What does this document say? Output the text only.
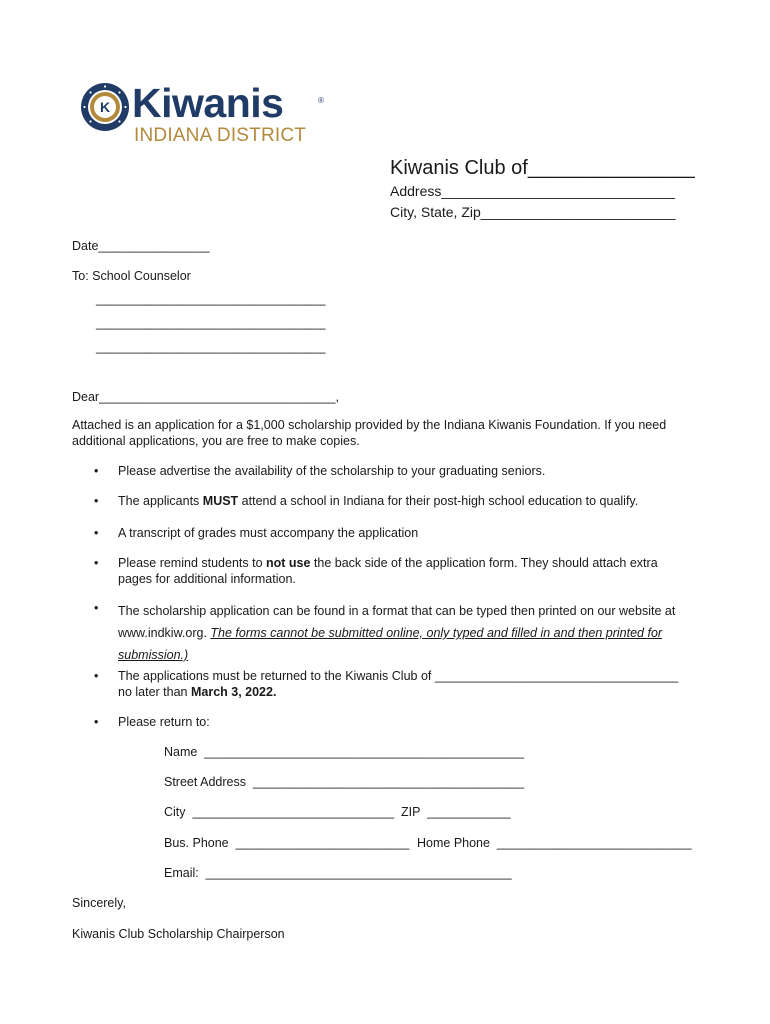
K Kiwanis	®
INDIANA DISTRICT
Kiwanis Club of_______________
Address______________________________
City, State, Zip_________________________
Date________________
To: School Counselor
_________________________________
_________________________________
_________________________________
Dear__________________________________,
Attached is an application for a $1,000 scholarship provided by the Indiana Kiwanis Foundation. If you need
additional applications, you are free to make copies.
• Please advertise the availability of the scholarship to your graduating seniors.
• The applicants MUST attend a school in Indiana for their post-high school education to qualify.
• A transcript of grades must accompany the application
• Please remind students to not use the back side of the application form. They should attach extra
pages for additional information.
• The scholarship application can be found in a format that can be typed then printed on our website at
www.indkiw.org. The forms cannot be submitted online, only typed and filled in and then printed for
submission.)
• The applications must be returned to the Kiwanis Club of ___________________________________
no later than March 3, 2022.
• Please return to:
Name  ______________________________________________
Street Address  _______________________________________
City  _____________________________  ZIP  ____________
Bus. Phone  _________________________ Home Phone  ____________________________
Email:  ____________________________________________
Sincerely,
Kiwanis Club Scholarship Chairperson
